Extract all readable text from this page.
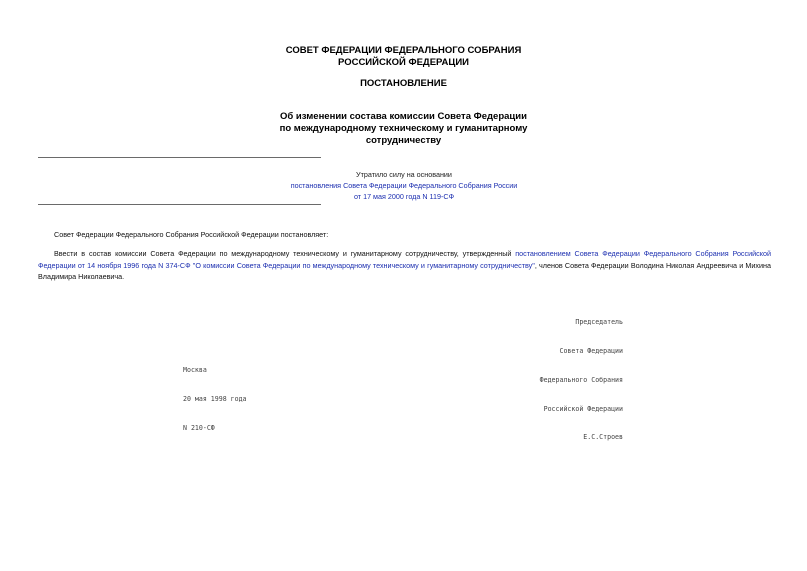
СОВЕТ ФЕДЕРАЦИИ ФЕДЕРАЛЬНОГО СОБРАНИЯ
РОССИЙСКОЙ ФЕДЕРАЦИИ
ПОСТАНОВЛЕНИЕ
Об изменении состава комиссии Совета Федерации
по международному техническому и гуманитарному
сотрудничеству
Утратило силу на основании
постановления Совета Федерации Федерального Собрания России
от 17 мая 2000 года N 119-СФ
Совет Федерации Федерального Собрания Российской Федерации постановляет:
Ввести в состав комиссии Совета Федерации по международному техническому и гуманитарному сотрудничеству, утвержденный постановлением Совета Федерации Федерального Собрания Российской Федерации от 14 ноября 1996 года N 374-СФ "О комиссии Совета Федерации по международному техническому и гуманитарному сотрудничеству", членов Совета Федерации Володина Николая Андреевича и Михина Владимира Николаевича.

Председатель

Совета Федерации

Федерального Собрания

Российской Федерации

Е.С.Строев

Москва

20 мая 1998 года

N 210-СФ
